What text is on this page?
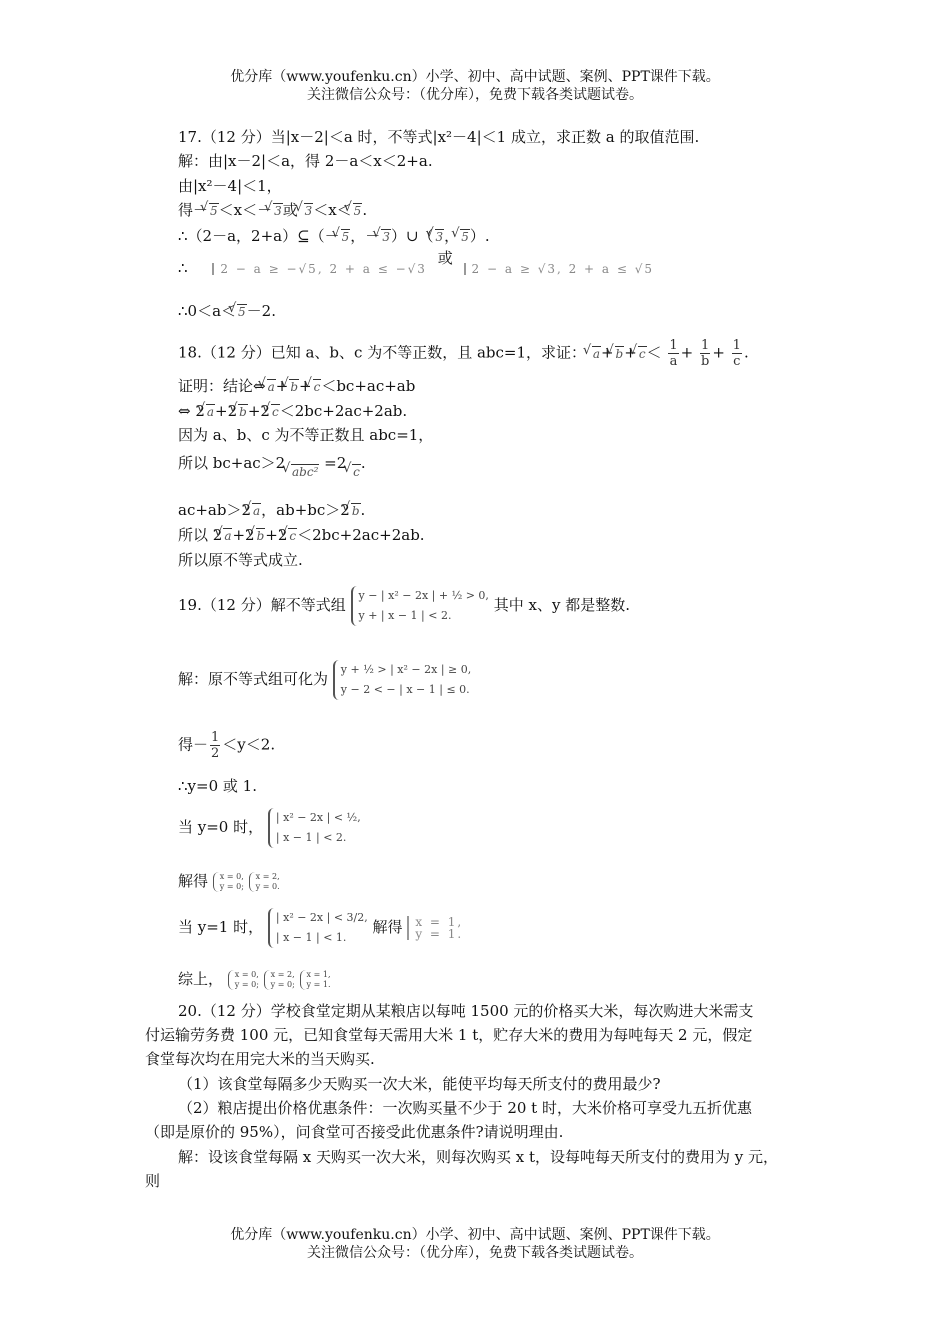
优分库（www.youfenku.cn）小学、初中、高中试题、案例、PPT课件下载。
关注微信公众号：（优分库），免费下载各类试题试卷。
17.（12 分）当|x－2|＜a 时，不等式|x²－4|＜1 成立，求正数 a 的取值范围.
解：由|x－2|＜a，得 2－a＜x＜2+a.
由|x²－4|＜1，
得－ √ 5＜x＜－ √ 3或 √ 3＜x＜ √ 5.
∴（2－a，2+a）⊆（－ √ 5，－ √ 3）∪（ √ 3， √ 5）.
∴	2 − a ≥ −√5, 2 + a ≤ −√3 或 2 − a ≥ √3, 2 + a ≤ √5
∴0＜a＜ √ 5－2.
18.（12 分）已知 a、b、c 为不等正数，且 abc=1，求证： √ a+ √ b+ √ $c< \frac{1}{a} + \frac{1}{b} + \frac{1}{c}$ .
证明：结论⇔ √ a+ √ b+ √ c＜bc+ac+ab
⇔ 2 √ a+2 √ b+2 √ c＜2bc+2ac+2ab.
因为 a、b、c 为不等正数且 abc=1，
所以 bc+ac＞2 √ abc² =2 √ c.
ac+ab＞2 √ a，ab+bc＞2 √ b.
所以 2 √ a+2 √ b+2 √ c＜2bc+2ac+2ab.
所以原不等式成立.
19.（12 分）解不等式组
y − | x² − 2x | + ½ > 0,
y + | x − 1 | < 2.
其中 x、y 都是整数.
解：原不等式组可化为
y + ½ > | x² − 2x | ≥ 0,
y − 2 < − | x − 1 | ≤ 0.
得－ $\frac{1}{2} <y<2$.
∴y=0 或 1.
当 y=0 时，
| x² − 2x | < ½,
| x − 1 | < 2.
解得 x = 0,
y = 0;

x = 2,
y = 0.
当 y=1 时，
| x² − 2x | < 3/2,
| x − 1 | < 1.
解得 x = 1,
y = 1.
综上， x = 0,
y = 0;

x = 2,
y = 0;

x = 1,
y = 1.
20.（12 分）学校食堂定期从某粮店以每吨 1500 元的价格买大米，每次购进大米需支
付运输劳务费 100 元，已知食堂每天需用大米 1 t，贮存大米的费用为每吨每天 2 元，假定
食堂每次均在用完大米的当天购买.
（1）该食堂每隔多少天购买一次大米，能使平均每天所支付的费用最少?
（2）粮店提出价格优惠条件：一次购买量不少于 20 t 时，大米价格可享受九五折优惠
（即是原价的 95%），问食堂可否接受此优惠条件?请说明理由.
解：设该食堂每隔 x 天购买一次大米，则每次购买 x t，设每吨每天所支付的费用为 y 元，
则
优分库（www.youfenku.cn）小学、初中、高中试题、案例、PPT课件下载。
关注微信公众号：（优分库），免费下载各类试题试卷。
